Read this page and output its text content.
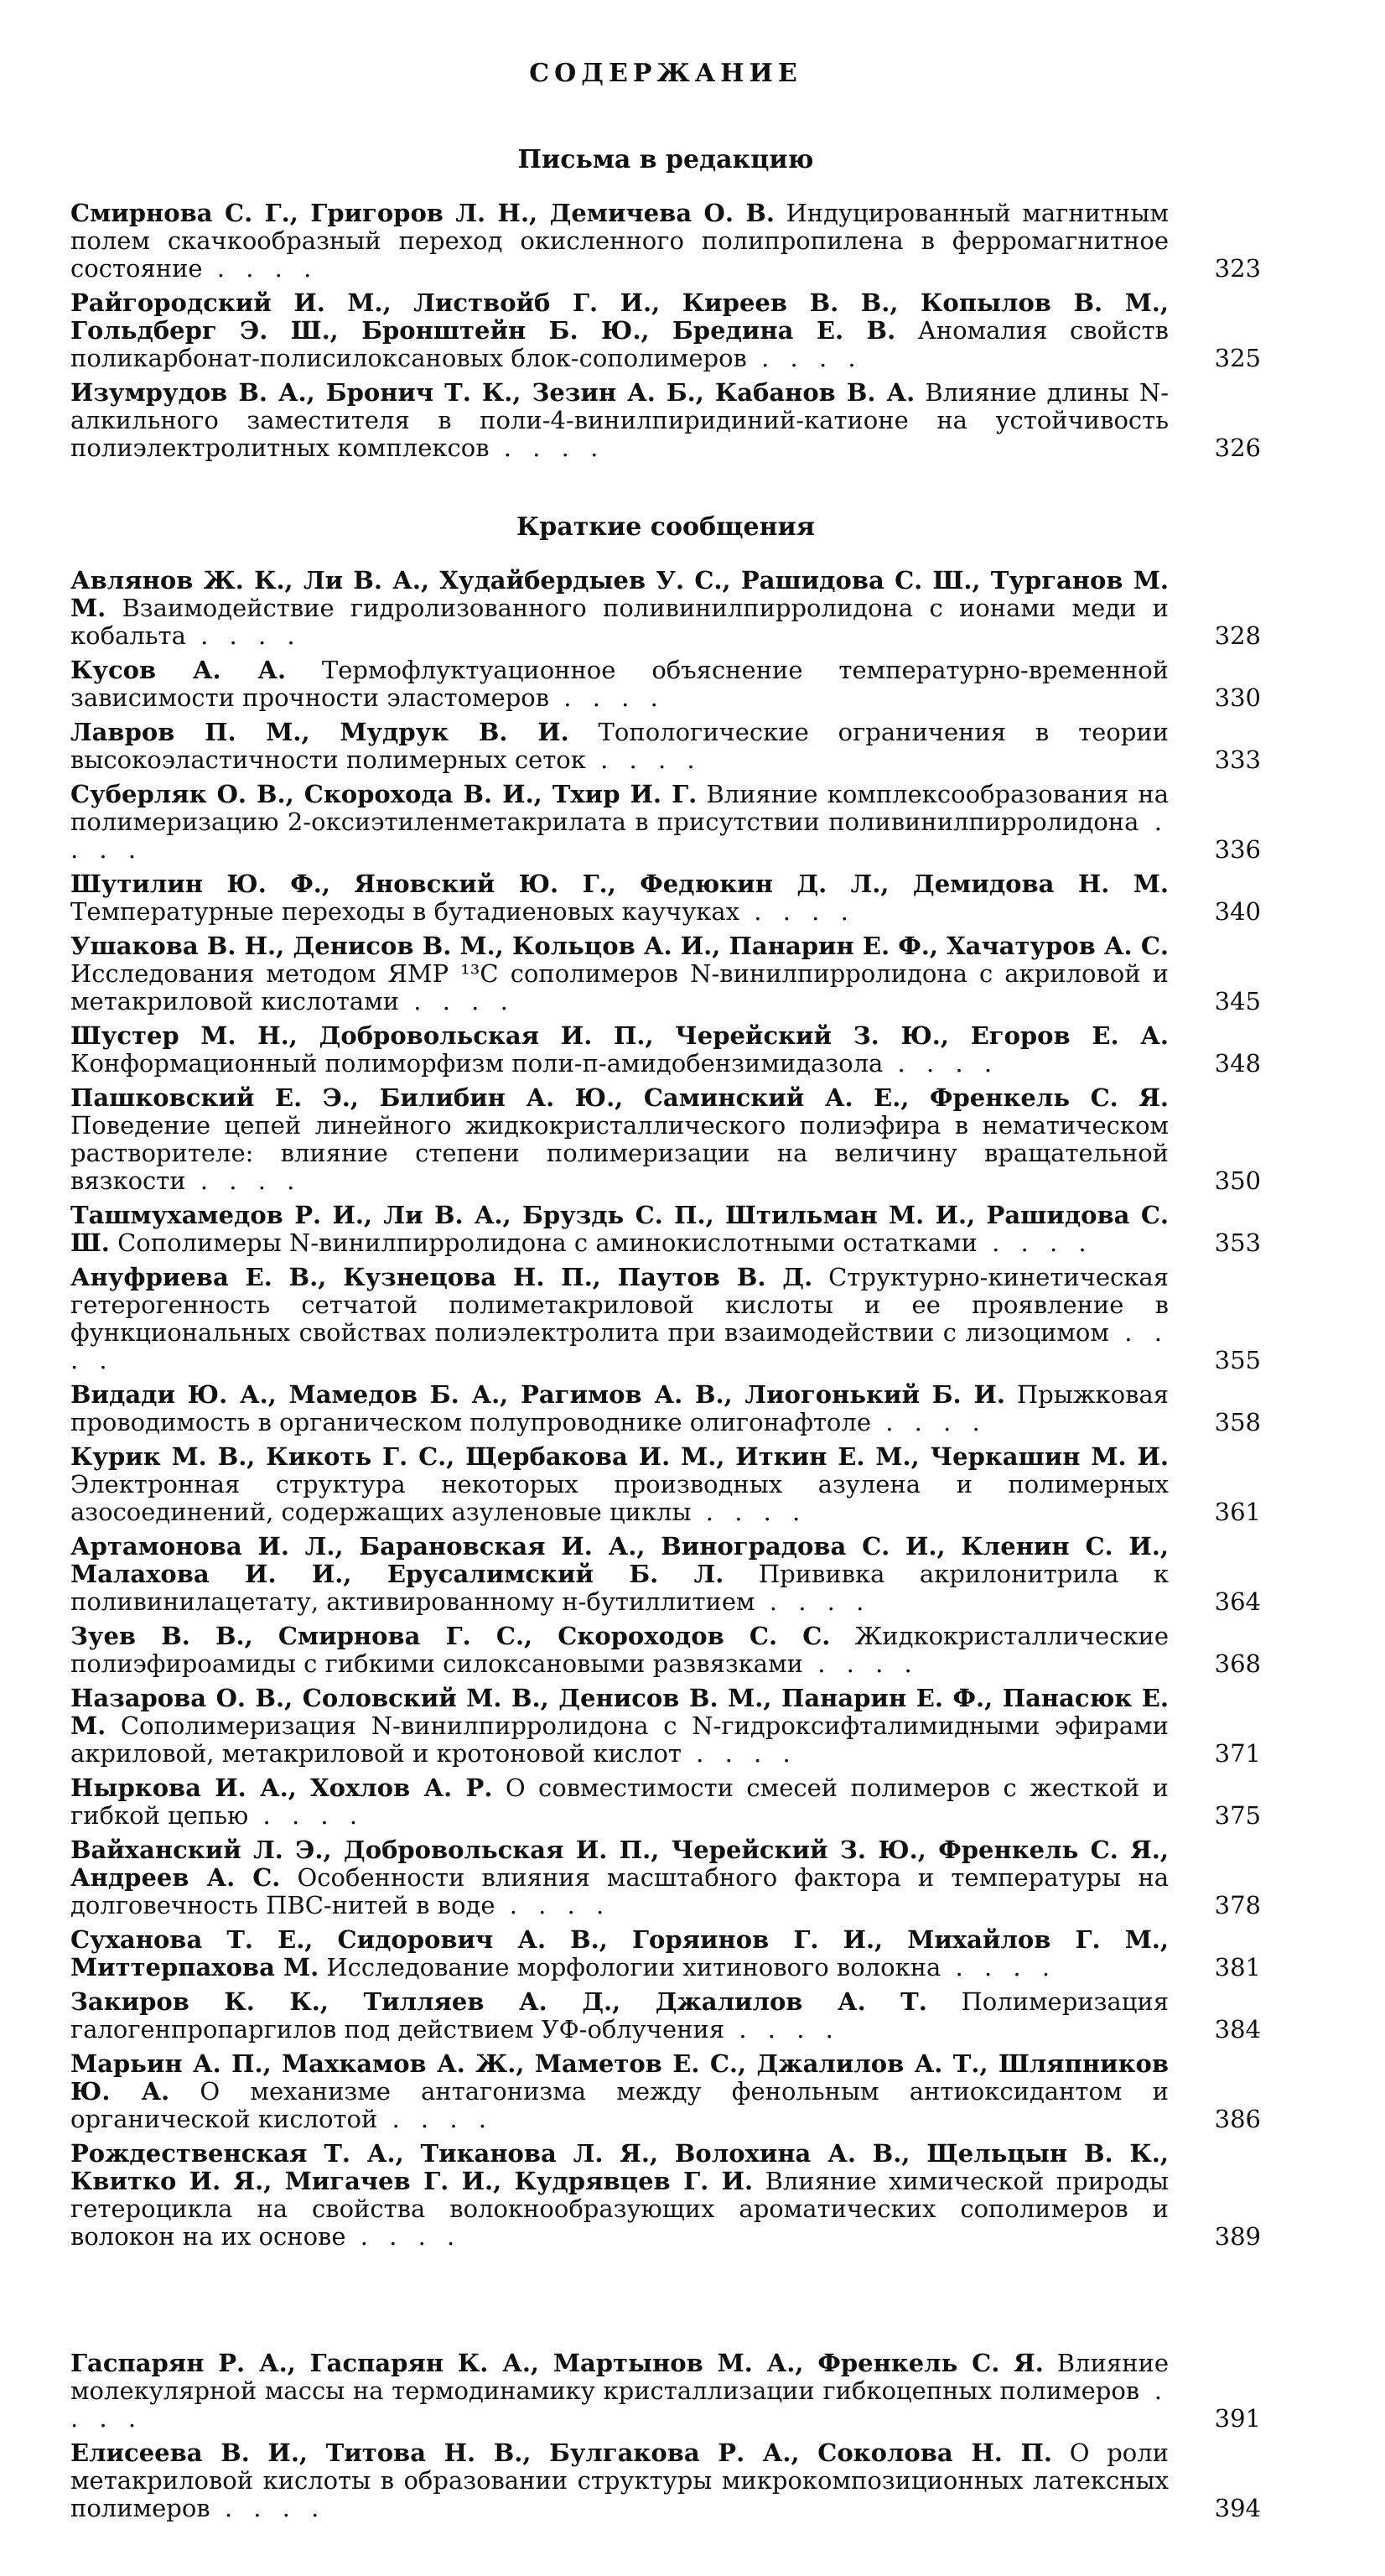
СОДЕРЖАНИЕ
Письма в редакцию
Смирнова С. Г., Григоров Л. Н., Демичева О. В. Индуцированный магнитным полем скачкообразный переход окисленного полипропилена в ферромагнитное состояние . . . .	323
Райгородский И. М., Листвойб Г. И., Киреев В. В., Копылов В. М., Гольдберг Э. Ш., Бронштейн Б. Ю., Бредина Е. В. Аномалия свойств поликарбонат-полисилоксановых блок-сополимеров . . . .	325
Изумрудов В. А., Бронич Т. К., Зезин А. Б., Кабанов В. А. Влияние длины N-алкильного заместителя в поли-4-винилпиридиний-катионе на устойчивость полиэлектролитных комплексов . . . .	326
Краткие сообщения
Авлянов Ж. К., Ли В. А., Худайбердыев У. С., Рашидова С. Ш., Турганов М. М. Взаимодействие гидролизованного поливинилпирролидона с ионами меди и кобальта . . . .	328
Кусов А. А. Термофлуктуационное объяснение температурно-временной зависимости прочности эластомеров . . . .	330
Лавров П. М., Мудрук В. И. Топологические ограничения в теории высокоэластичности полимерных сеток . . . .	333
Суберляк О. В., Скорохода В. И., Тхир И. Г. Влияние комплексообразования на полимеризацию 2-оксиэтиленметакрилата в присутствии поливинилпирролидона . . . .	336
Шутилин Ю. Ф., Яновский Ю. Г., Федюкин Д. Л., Демидова Н. М. Температурные переходы в бутадиеновых каучуках . . . .	340
Ушакова В. Н., Денисов В. М., Кольцов А. И., Панарин Е. Ф., Хачатуров А. С. Исследования методом ЯМР ¹³C сополимеров N-винилпирролидона с акриловой и метакриловой кислотами . . . .	345
Шустер М. Н., Добровольская И. П., Черейский З. Ю., Егоров Е. А. Конформационный полиморфизм поли-п-амидобензимидазола . . . .	348
Пашковский Е. Э., Билибин А. Ю., Саминский А. Е., Френкель С. Я. Поведение цепей линейного жидкокристаллического полиэфира в нематическом растворителе: влияние степени полимеризации на величину вращательной вязкости . . . .	350
Ташмухамедов Р. И., Ли В. А., Бруздь С. П., Штильман М. И., Рашидова С. Ш. Сополимеры N-винилпирролидона с аминокислотными остатками . . . .	353
Ануфриева Е. В., Кузнецова Н. П., Паутов В. Д. Структурно-кинетическая гетерогенность сетчатой полиметакриловой кислоты и ее проявление в функциональных свойствах полиэлектролита при взаимодействии с лизоцимом . . . .	355
Видади Ю. А., Мамедов Б. А., Рагимов А. В., Лиогонький Б. И. Прыжковая проводимость в органическом полупроводнике олигонафтоле . . . .	358
Курик М. В., Кикоть Г. С., Щербакова И. М., Иткин Е. М., Черкашин М. И. Электронная структура некоторых производных азулена и полимерных азосоединений, содержащих азуленовые циклы . . . .	361
Артамонова И. Л., Барановская И. А., Виноградова С. И., Кленин С. И., Малахова И. И., Ерусалимский Б. Л. Прививка акрилонитрила к поливинилацетату, активированному н-бутиллитием . . . .	364
Зуев В. В., Смирнова Г. С., Скороходов С. С. Жидкокристаллические полиэфироамиды с гибкими силоксановыми развязками . . . .	368
Назарова О. В., Соловский М. В., Денисов В. М., Панарин Е. Ф., Панасюк Е. М. Сополимеризация N-винилпирролидона с N-гидроксифталимидными эфирами акриловой, метакриловой и кротоновой кислот . . . .	371
Ныркова И. А., Хохлов А. Р. О совместимости смесей полимеров с жесткой и гибкой цепью . . . .	375
Вайханский Л. Э., Добровольская И. П., Черейский З. Ю., Френкель С. Я., Андреев А. С. Особенности влияния масштабного фактора и температуры на долговечность ПВС-нитей в воде . . . .	378
Суханова Т. Е., Сидорович А. В., Горяинов Г. И., Михайлов Г. М., Миттерпахова М. Исследование морфологии хитинового волокна . . . .	381
Закиров К. К., Тилляев А. Д., Джалилов А. Т. Полимеризация галогенпропаргилов под действием УФ-облучения . . . .	384
Марьин А. П., Махкамов А. Ж., Маметов Е. С., Джалилов А. Т., Шляпников Ю. А. О механизме антагонизма между фенольным антиоксидантом и органической кислотой . . . .	386
Рождественская Т. А., Тиканова Л. Я., Волохина А. В., Щельцын В. К., Квитко И. Я., Мигачев Г. И., Кудрявцев Г. И. Влияние химической природы гетероцикла на свойства волокнообразующих ароматических сополимеров и волокон на их основе . . . .	389
Гаспарян Р. А., Гаспарян К. А., Мартынов М. А., Френкель С. Я. Влияние молекулярной массы на термодинамику кристаллизации гибкоцепных полимеров . . . .	391
Елисеева В. И., Титова Н. В., Булгакова Р. А., Соколова Н. П. О роли метакриловой кислоты в образовании структуры микрокомпозиционных латексных полимеров . . . .	394
